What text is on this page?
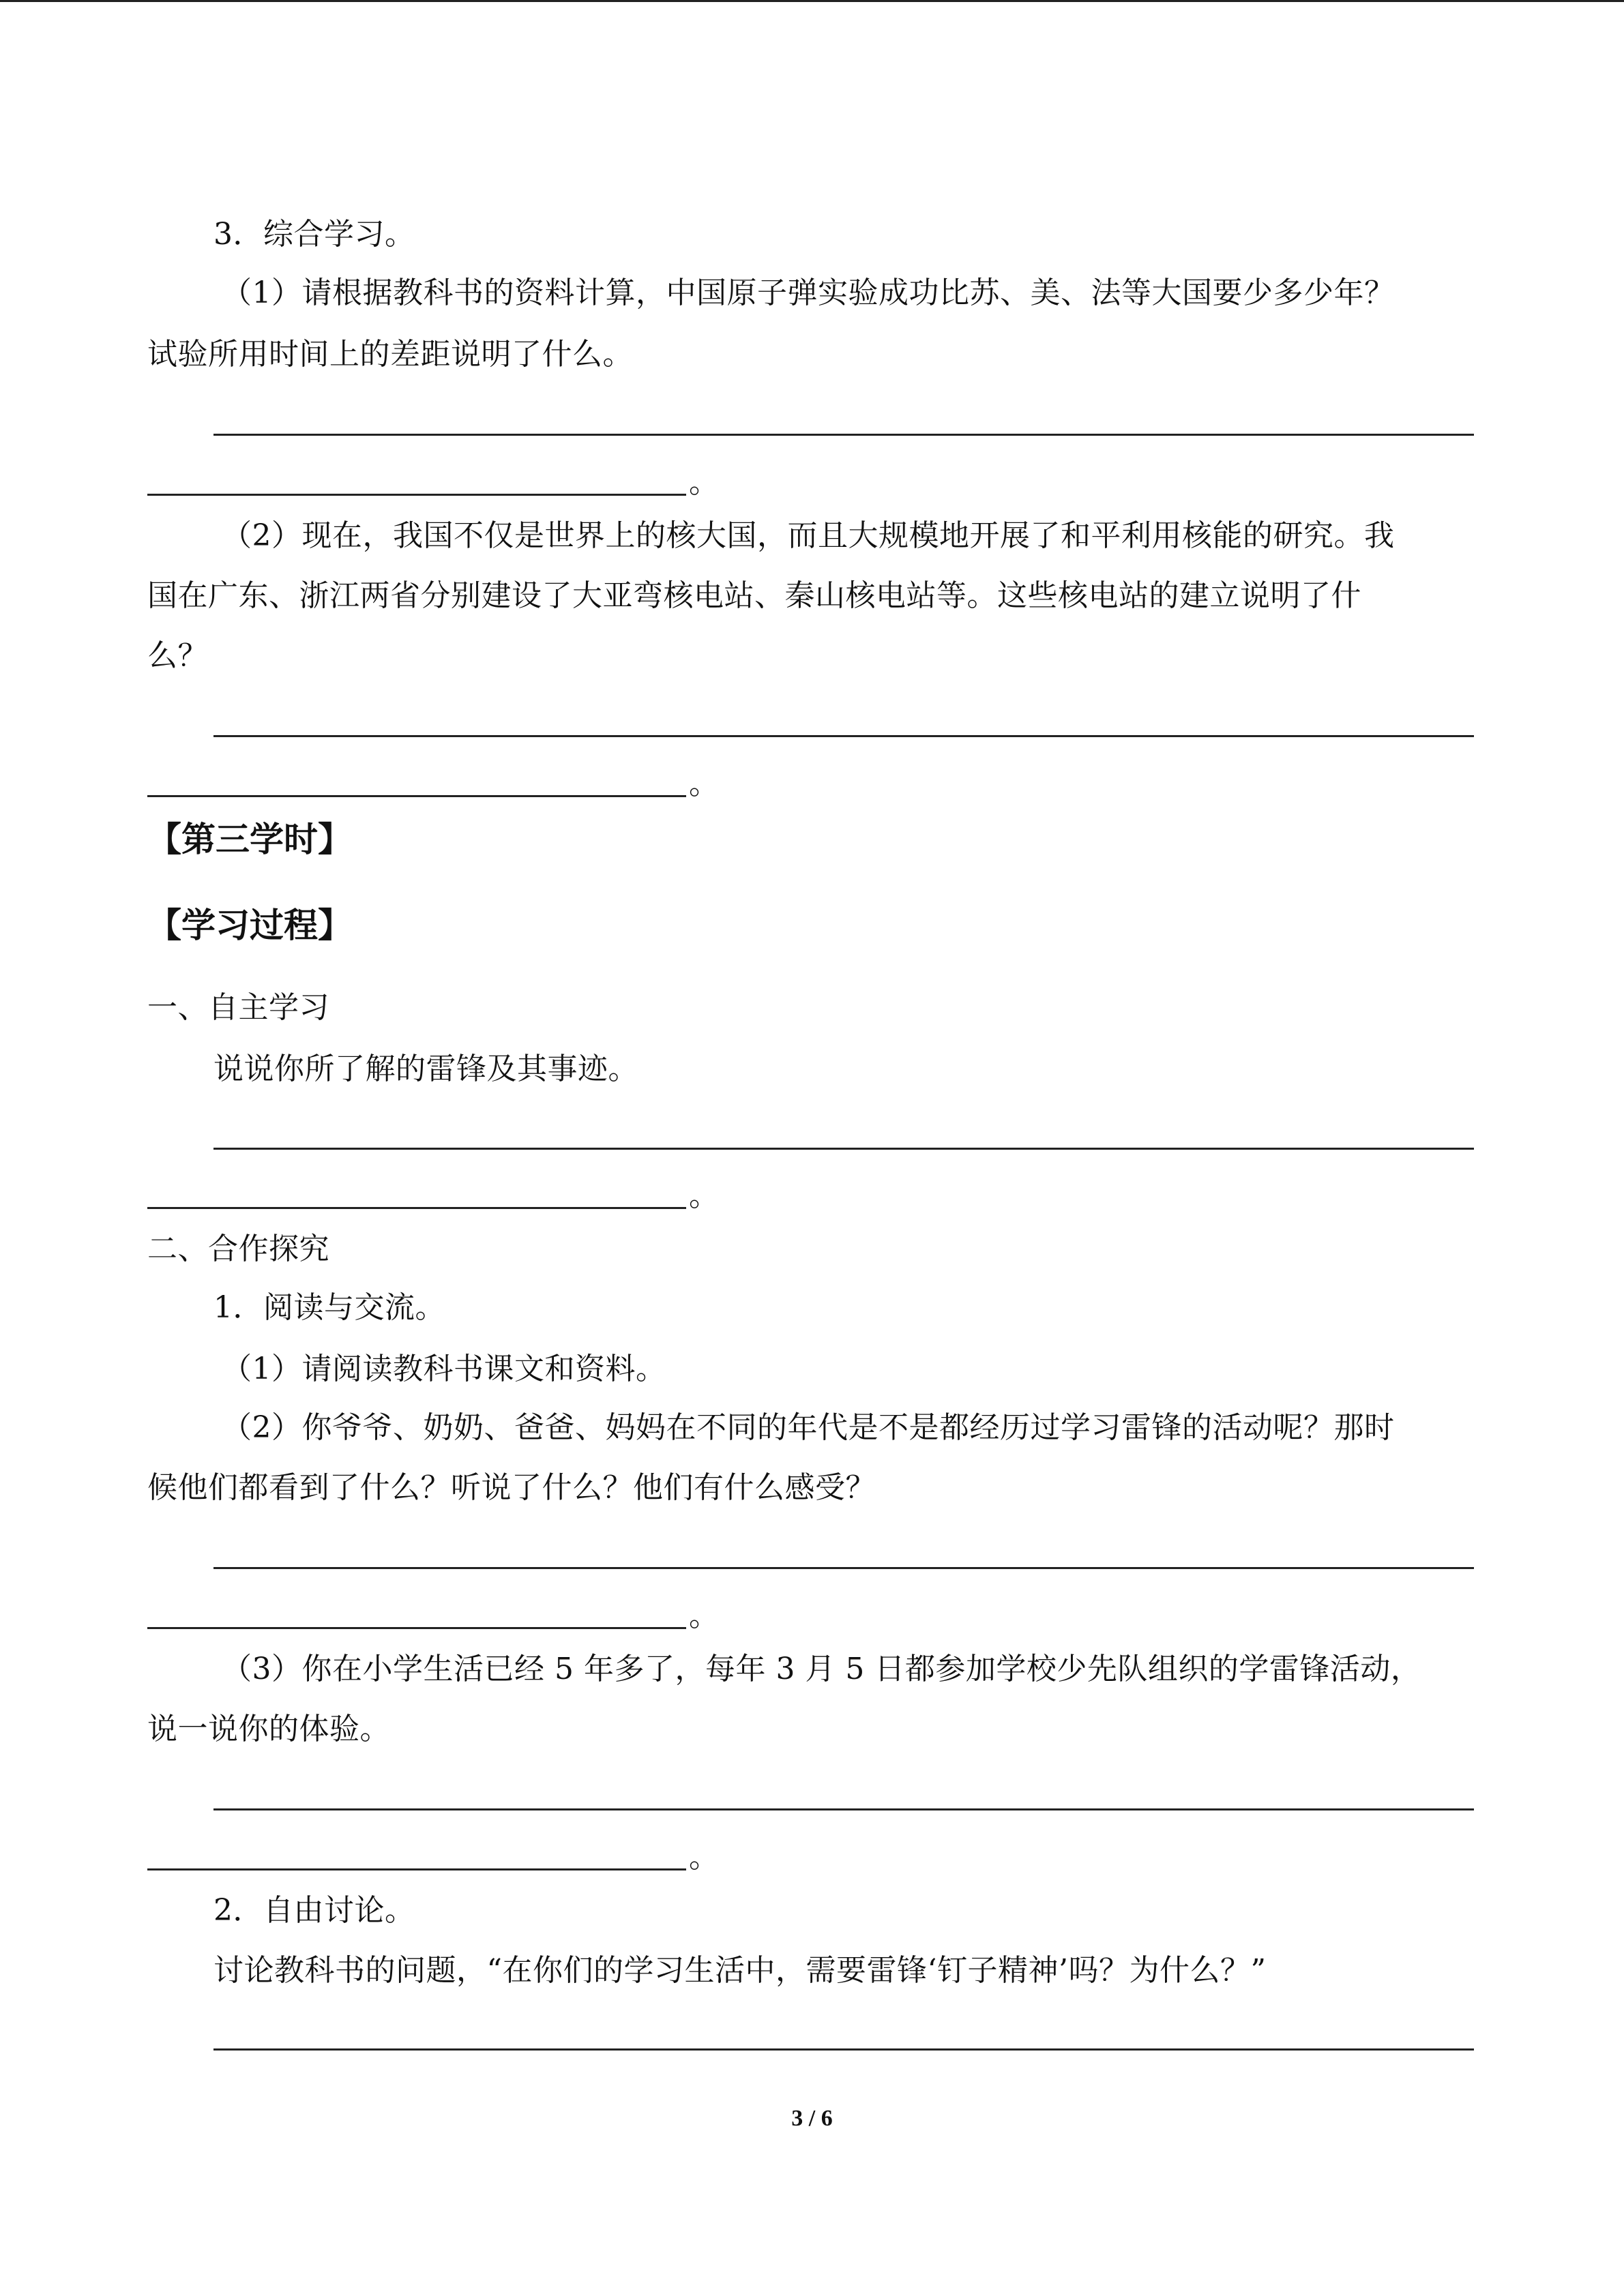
3．综合学习。
（1）请根据教科书的资料计算，中国原子弹实验成功比苏、美、法等大国要少多少年？
试验所用时间上的差距说明了什么。
。
（2）现在，我国不仅是世界上的核大国，而且大规模地开展了和平利用核能的研究。我
国在广东、浙江两省分别建设了大亚弯核电站、秦山核电站等。这些核电站的建立说明了什
么？
。
【第三学时】
【学习过程】
一、自主学习
说说你所了解的雷锋及其事迹。
。
二、合作探究
1．阅读与交流。
（1）请阅读教科书课文和资料。
（2）你爷爷、奶奶、爸爸、妈妈在不同的年代是不是都经历过学习雷锋的活动呢？那时
候他们都看到了什么？听说了什么？他们有什么感受？
。
（3）你在小学生活已经 5 年多了，每年 3 月 5 日都参加学校少先队组织的学雷锋活动，
说一说你的体验。
。
2．自由讨论。
讨论教科书的问题，“在你们的学习生活中，需要雷锋‘钉子精神’吗？为什么？”
3 / 6
